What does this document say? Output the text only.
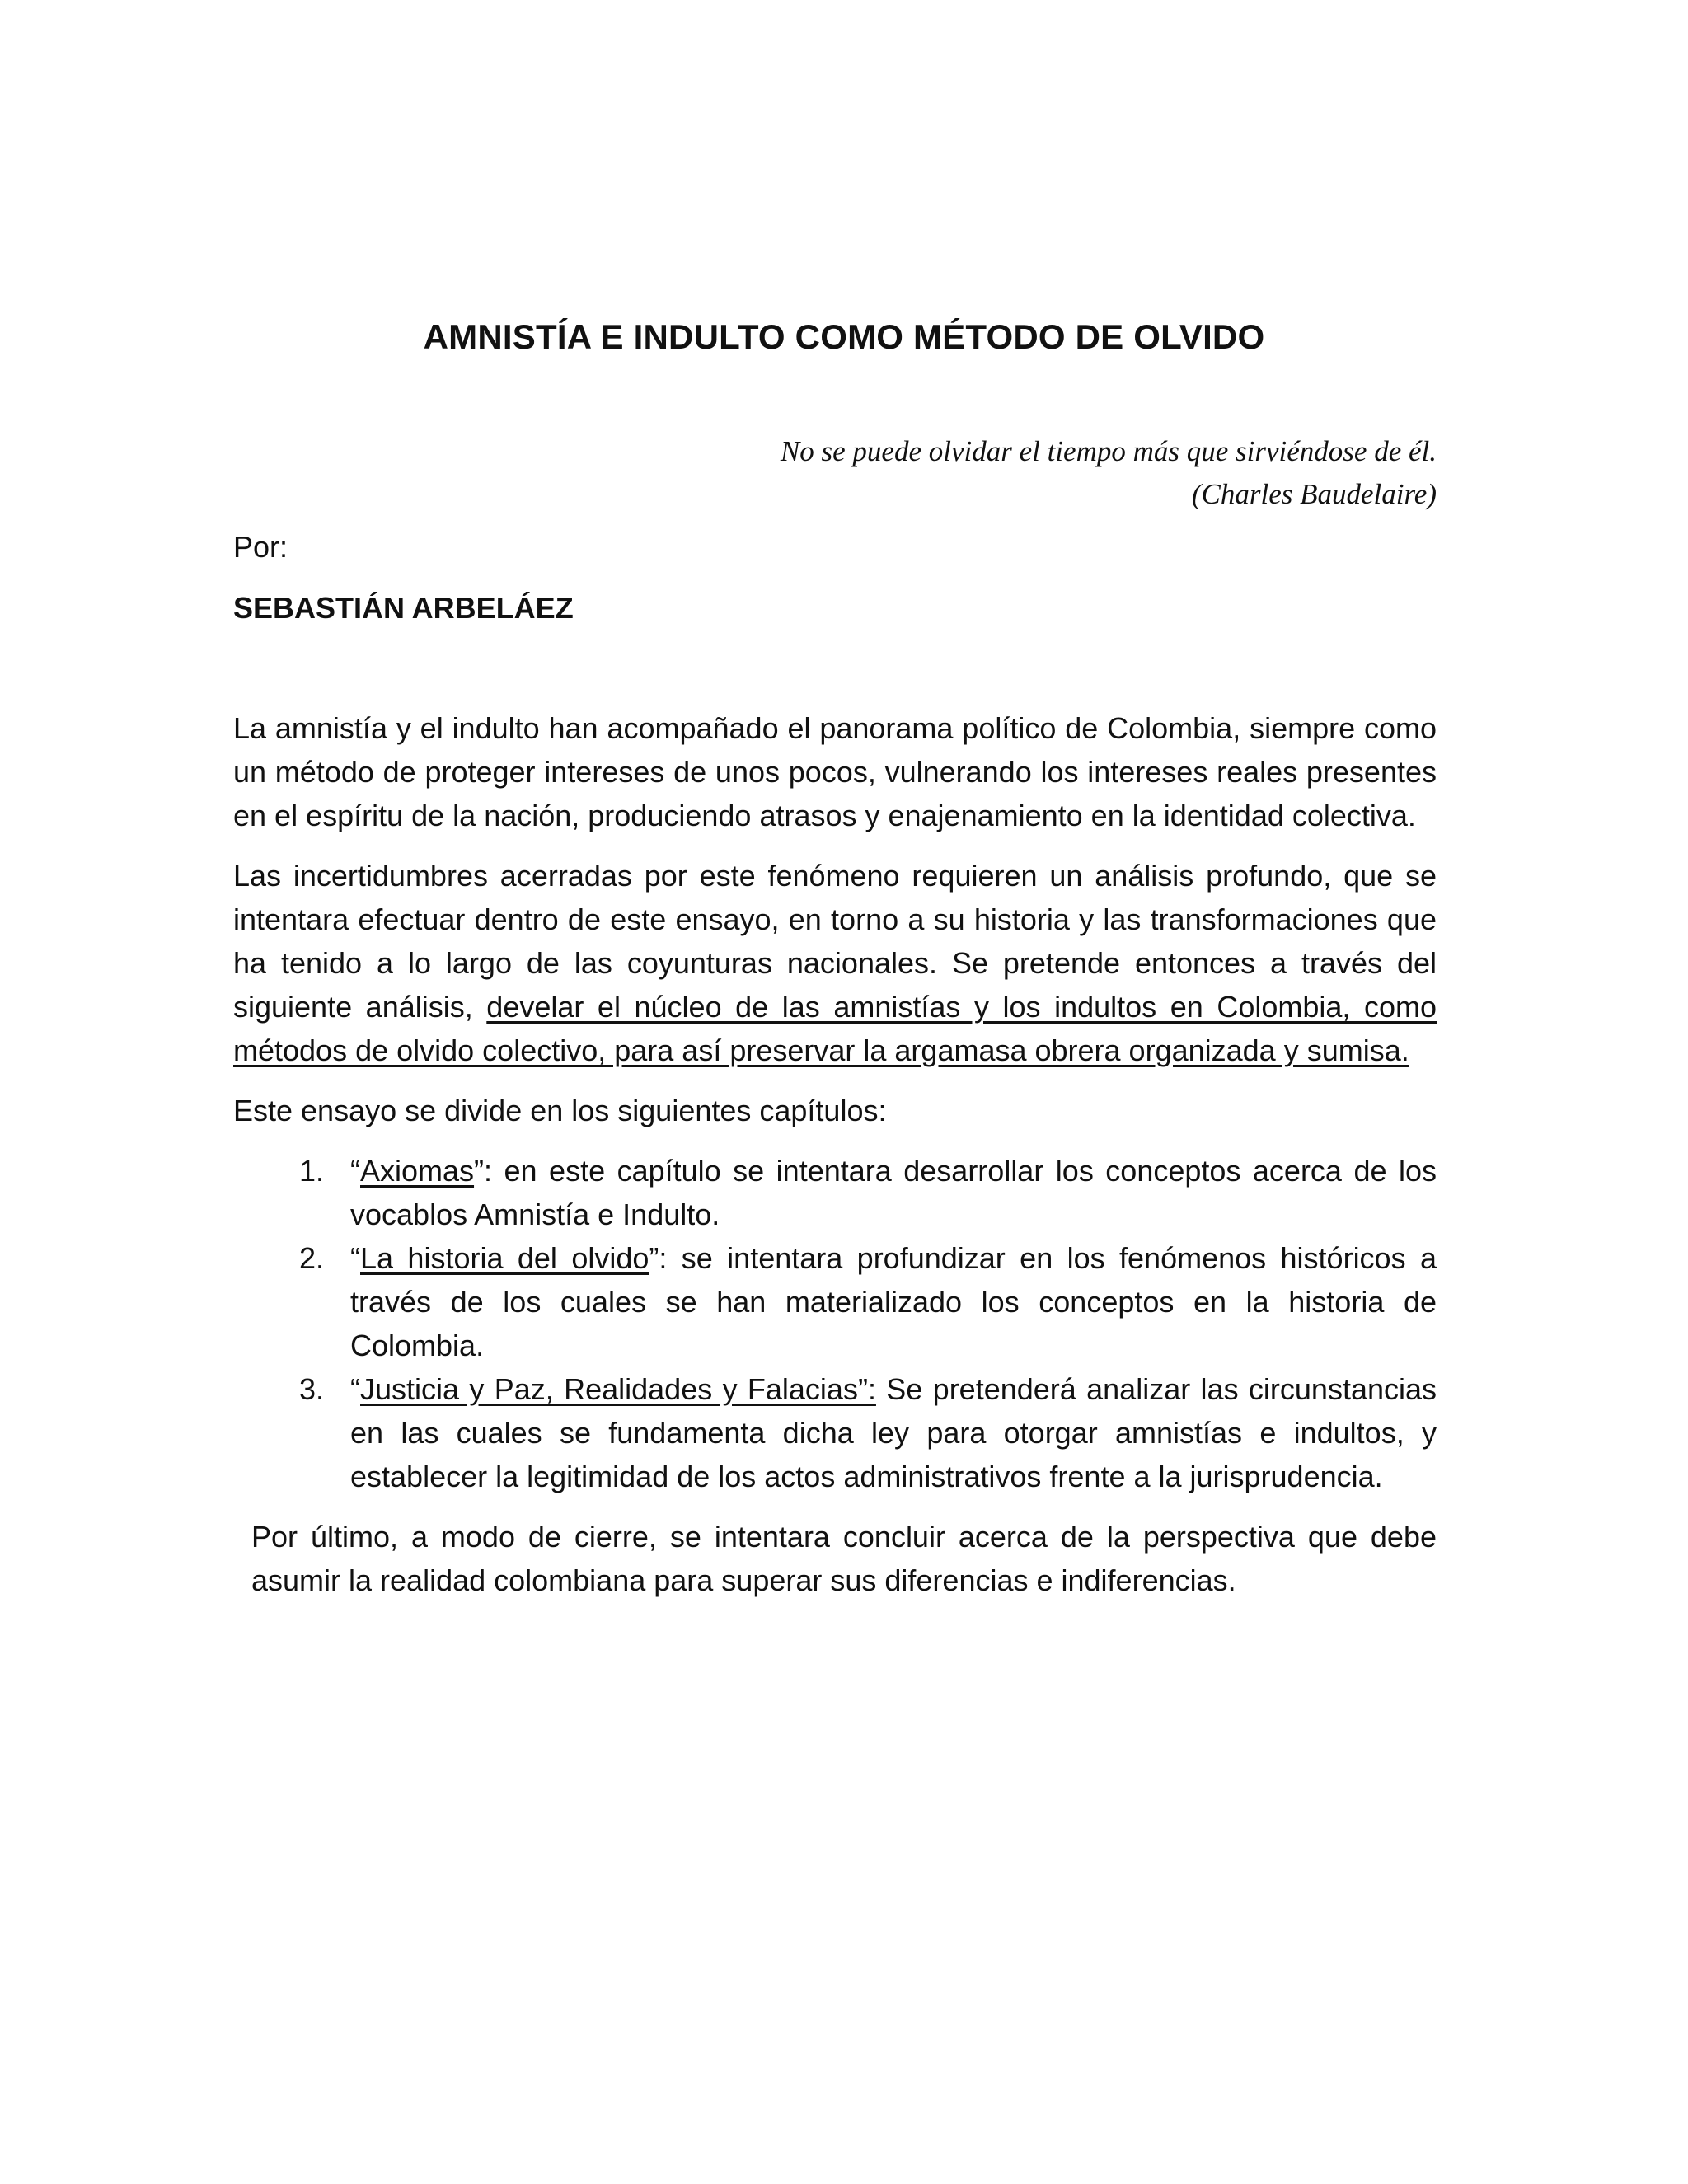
AMNISTÍA E INDULTO COMO MÉTODO DE OLVIDO
No se puede olvidar el tiempo más que sirviéndose de él.
(Charles Baudelaire)

Por:

SEBASTIÁN ARBELÁEZ

La amnistía y el indulto han acompañado el panorama político de Colombia, siempre como un método de proteger intereses de unos pocos, vulnerando los intereses reales presentes en el espíritu de la nación, produciendo atrasos y enajenamiento en la identidad colectiva.

Las incertidumbres acerradas por este fenómeno requieren un análisis profundo, que se intentara efectuar dentro de este ensayo, en torno a su historia y las transformaciones que ha tenido a lo largo de las coyunturas nacionales. Se pretende entonces a través del siguiente análisis, develar el núcleo de las amnistías y los indultos en Colombia, como métodos de olvido colectivo, para así preservar la argamasa obrera organizada y sumisa.

Este ensayo se divide en los siguientes capítulos:

1. “Axiomas”: en este capítulo se intentara desarrollar los conceptos acerca de los vocablos Amnistía e Indulto.
2. “La historia del olvido”: se intentara profundizar en los fenómenos históricos a través de los cuales se han materializado los conceptos en la historia de Colombia.
3. “Justicia y Paz, Realidades y Falacias”: Se pretenderá analizar las circunstancias en las cuales se fundamenta dicha ley para otorgar amnistías e indultos, y establecer la legitimidad de los actos administrativos frente a la jurisprudencia.

Por último, a modo de cierre, se intentara concluir acerca de la perspectiva que debe asumir la realidad colombiana para superar sus diferencias e indiferencias.
